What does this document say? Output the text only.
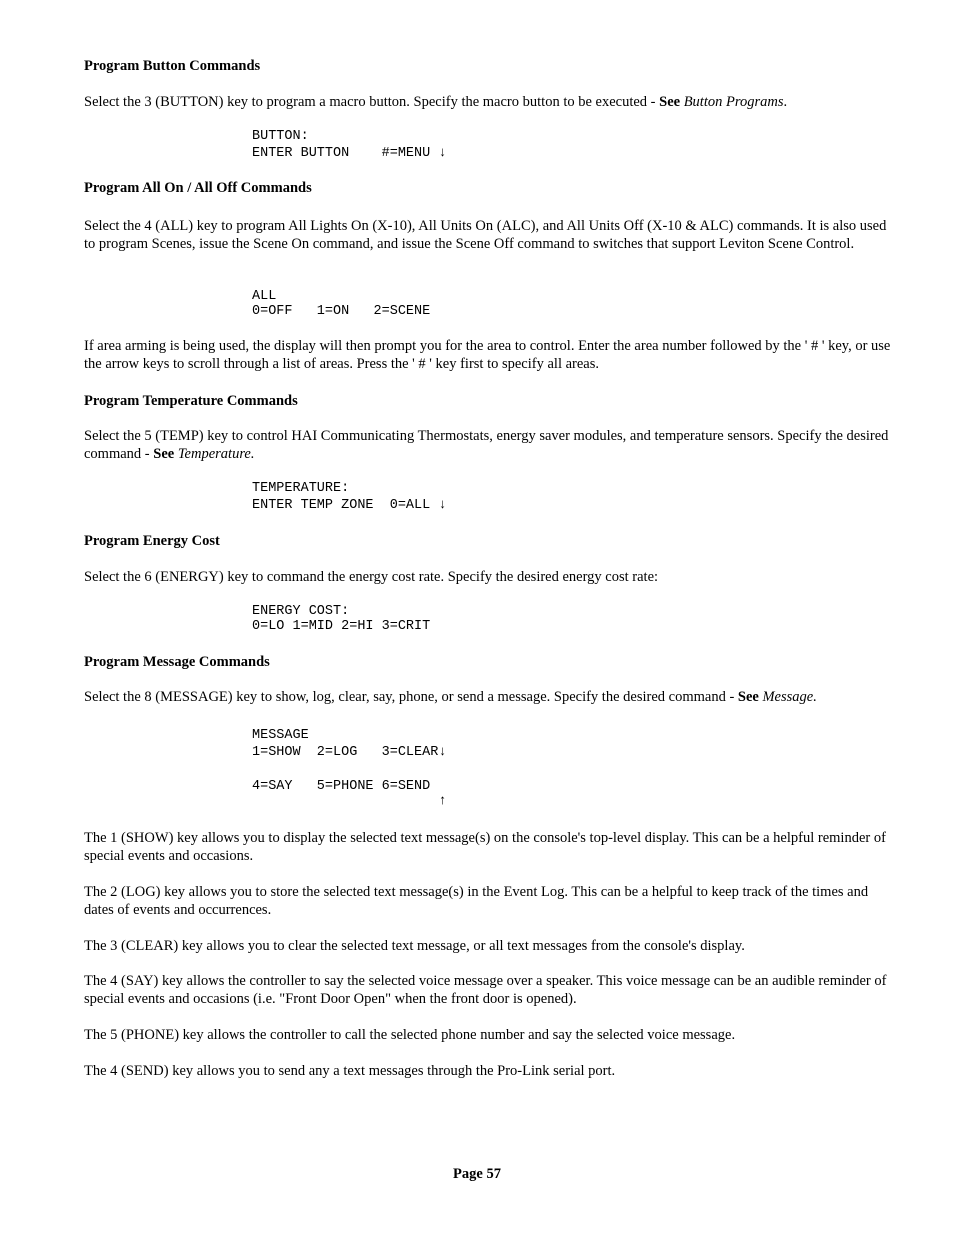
Program Button Commands
Select the 3 (BUTTON) key to program a macro button. Specify the macro button to be executed - See Button Programs.
BUTTON:
ENTER BUTTON    #=MENU ↓
Program All On / All Off Commands
Select the 4 (ALL) key to program All Lights On (X-10), All Units On (ALC), and All Units Off (X-10 & ALC) commands. It is also used to program Scenes, issue the Scene On command, and issue the Scene Off command to switches that support Leviton Scene Control.
ALL
0=OFF   1=ON   2=SCENE
If area arming is being used, the display will then prompt you for the area to control. Enter the area number followed by the ' # ' key, or use the arrow keys to scroll through a list of areas. Press the ' # ' key first to specify all areas.
Program Temperature Commands
Select the 5 (TEMP) key to control HAI Communicating Thermostats, energy saver modules, and temperature sensors. Specify the desired command - See Temperature.
TEMPERATURE:
ENTER TEMP ZONE  0=ALL ↓
Program Energy Cost
Select the 6 (ENERGY) key to command the energy cost rate. Specify the desired energy cost rate:
ENERGY COST:
0=LO 1=MID 2=HI 3=CRIT
Program Message Commands
Select the 8 (MESSAGE) key to show, log, clear, say, phone, or send a message. Specify the desired command - See Message.
MESSAGE
1=SHOW  2=LOG   3=CLEAR↓
4=SAY   5=PHONE 6=SEND
↑
The 1 (SHOW) key allows you to display the selected text message(s) on the console's top-level display. This can be a helpful reminder of special events and occasions.
The 2 (LOG) key allows you to store the selected text message(s) in the Event Log. This can be a helpful to keep track of the times and dates of events and occurrences.
The 3 (CLEAR) key allows you to clear the selected text message, or all text messages from the console's display.
The 4 (SAY) key allows the controller to say the selected voice message over a speaker. This voice message can be an audible reminder of special events and occasions (i.e. "Front Door Open" when the front door is opened).
The 5 (PHONE) key allows the controller to call the selected phone number and say the selected voice message.
The 4 (SEND) key allows you to send any a text messages through the Pro-Link serial port.
Page 57
